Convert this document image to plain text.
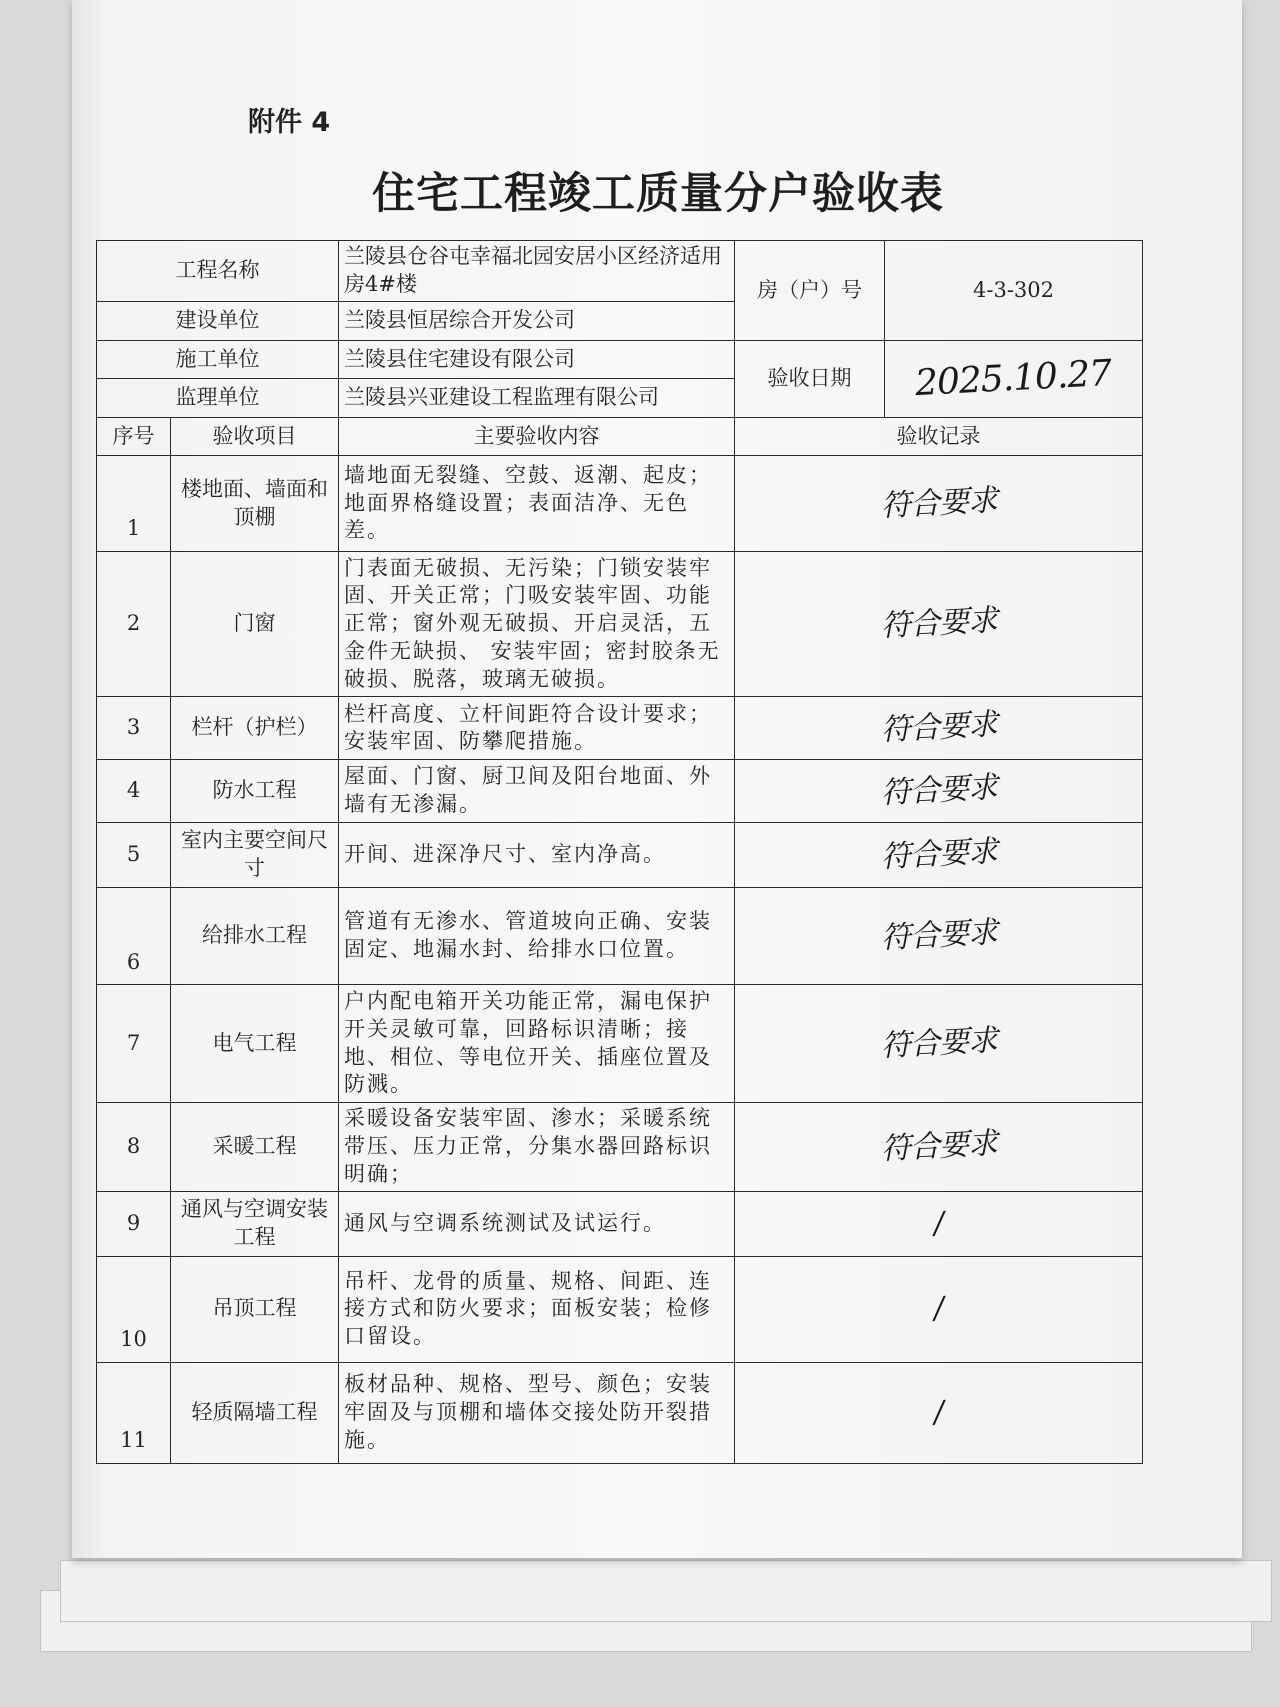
附件 4
住宅工程竣工质量分户验收表
工程名称		兰陵县仓谷屯幸福北园安居小区经济适用房4#楼	房（户）号	4-3-302
建设单位		兰陵县恒居综合开发公司		
施工单位		兰陵县住宅建设有限公司	验收日期	2025.10.27
监理单位		兰陵县兴亚建设工程监理有限公司		
序号	验收项目	主要验收内容	验收记录	
1	楼地面、墙面和顶棚	墙地面无裂缝、空鼓、返潮、起皮；地面界格缝设置；表面洁净、无色差。	符合要求	
2	门窗	门表面无破损、无污染；门锁安装牢固、开关正常；门吸安装牢固、功能正常；窗外观无破损、开启灵活，五金件无缺损、 安装牢固；密封胶条无破损、脱落，玻璃无破损。	符合要求	
3	栏杆（护栏）	栏杆高度、立杆间距符合设计要求；安装牢固、防攀爬措施。	符合要求	
4	防水工程	屋面、门窗、厨卫间及阳台地面、外墙有无渗漏。	符合要求	
5	室内主要空间尺寸	开间、进深净尺寸、室内净高。	符合要求	
6	给排水工程	管道有无渗水、管道坡向正确、安装固定、地漏水封、给排水口位置。	符合要求	
7	电气工程	户内配电箱开关功能正常，漏电保护开关灵敏可靠，回路标识清晰；接地、相位、等电位开关、插座位置及防溅。	符合要求	
8	采暖工程	采暖设备安装牢固、渗水；采暖系统带压、压力正常，分集水器回路标识明确；	符合要求	
9	通风与空调安装工程	通风与空调系统测试及试运行。	/	
10	吊顶工程	吊杆、龙骨的质量、规格、间距、连接方式和防火要求；面板安装；检修口留设。	/	
11	轻质隔墙工程	板材品种、规格、型号、颜色；安装牢固及与顶棚和墙体交接处防开裂措施。	/	
